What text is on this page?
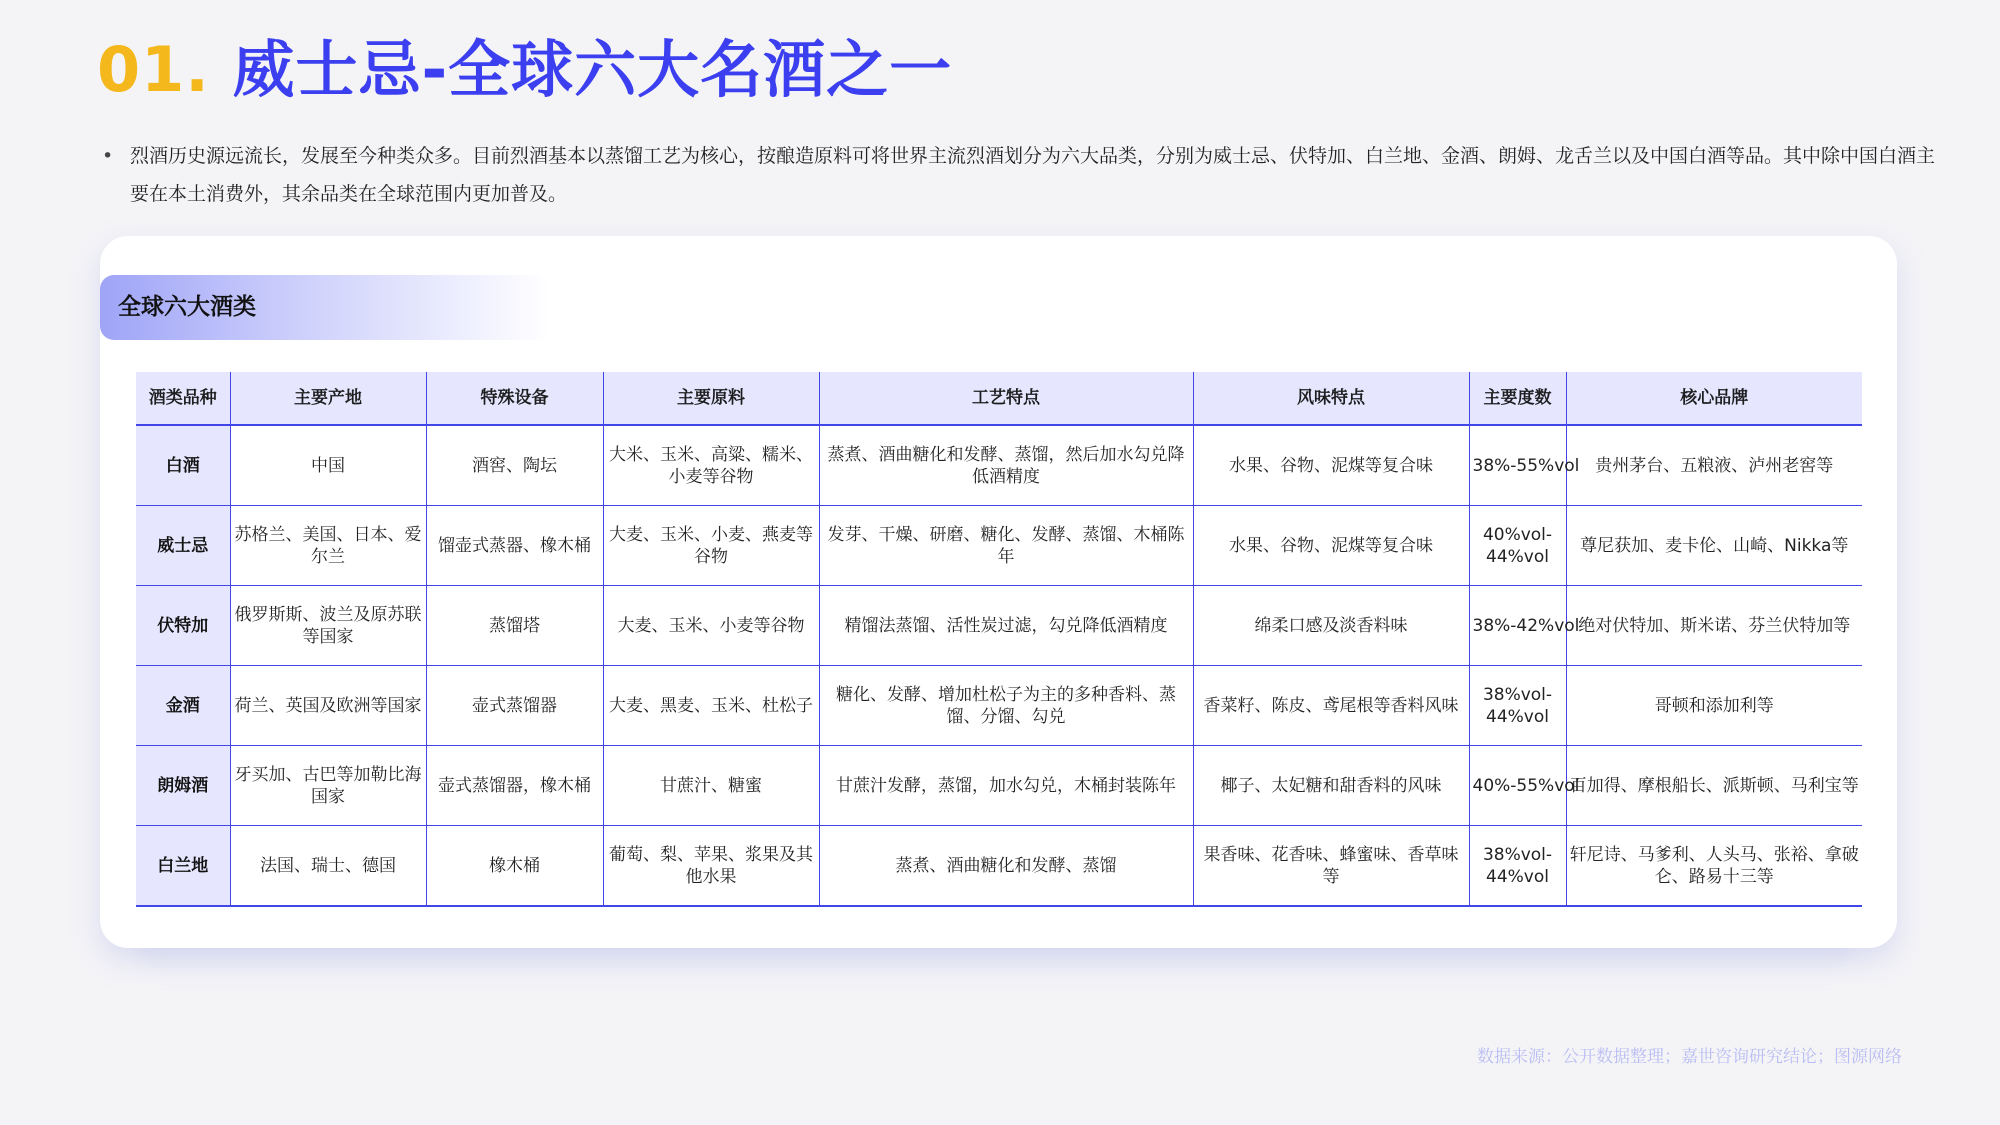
01. 威士忌-全球六大名酒之一
• 烈酒历史源远流长，发展至今种类众多。目前烈酒基本以蒸馏工艺为核心，按酿造原料可将世界主流烈酒划分为六大品类，分别为威士忌、伏特加、白兰地、金酒、朗姆、龙舌兰以及中国白酒等品。其中除中国白酒主要在本土消费外，其余品类在全球范围内更加普及。
全球六大酒类
酒类品种	主要产地	特殊设备	主要原料	工艺特点	风味特点	主要度数	核心品牌
白酒	中国	酒窖、陶坛	大米、玉米、高粱、糯米、小麦等谷物	蒸煮、酒曲糖化和发酵、蒸馏，然后加水勾兑降低酒精度	水果、谷物、泥煤等复合味	38%-55%vol	贵州茅台、五粮液、泸州老窖等
威士忌	苏格兰、美国、日本、爱尔兰	馏壶式蒸器、橡木桶	大麦、玉米、小麦、燕麦等谷物	发芽、干燥、研磨、糖化、发酵、蒸馏、木桶陈年	水果、谷物、泥煤等复合味	40%vol-44%vol	尊尼获加、麦卡伦、山崎、Nikka等
伏特加	俄罗斯斯、波兰及原苏联等国家	蒸馏塔	大麦、玉米、小麦等谷物	精馏法蒸馏、活性炭过滤，勾兑降低酒精度	绵柔口感及淡香料味	38%-42%vol	绝对伏特加、斯米诺、芬兰伏特加等
金酒	荷兰、英国及欧洲等国家	壶式蒸馏器	大麦、黑麦、玉米、杜松子	糖化、发酵、增加杜松子为主的多种香料、蒸馏、分馏、勾兑	香菜籽、陈皮、鸢尾根等香料风味	38%vol-44%vol	哥顿和添加利等
朗姆酒	牙买加、古巴等加勒比海国家	壶式蒸馏器，橡木桶	甘蔗汁、糖蜜	甘蔗汁发酵，蒸馏，加水勾兑，木桶封装陈年	椰子、太妃糖和甜香料的风味	40%-55%vol	百加得、摩根船长、派斯顿、马利宝等
白兰地	法国、瑞士、德国	橡木桶	葡萄、梨、苹果、浆果及其他水果	蒸煮、酒曲糖化和发酵、蒸馏	果香味、花香味、蜂蜜味、香草味等	38%vol-44%vol	轩尼诗、马爹利、人头马、张裕、拿破仑、路易十三等
数据来源：公开数据整理；嘉世咨询研究结论；图源网络
